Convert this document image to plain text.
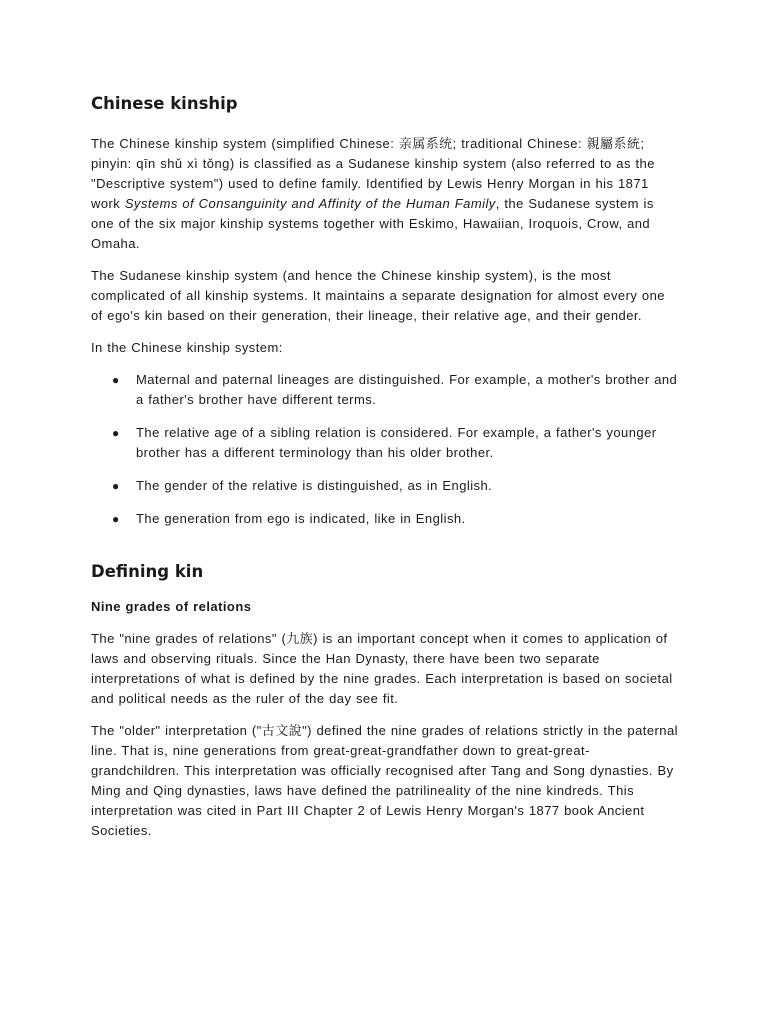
Chinese kinship

The Chinese kinship system (simplified Chinese: 亲属系统; traditional Chinese: 親屬系統; pinyin: qīn shǔ xì tǒng) is classified as a Sudanese kinship system (also referred to as the "Descriptive system") used to define family. Identified by Lewis Henry Morgan in his 1871 work Systems of Consanguinity and Affinity of the Human Family, the Sudanese system is one of the six major kinship systems together with Eskimo, Hawaiian, Iroquois, Crow, and Omaha.

The Sudanese kinship system (and hence the Chinese kinship system), is the most complicated of all kinship systems. It maintains a separate designation for almost every one of ego's kin based on their generation, their lineage, their relative age, and their gender.

In the Chinese kinship system:

● Maternal and paternal lineages are distinguished. For example, a mother's brother and a father's brother have different terms.
● The relative age of a sibling relation is considered. For example, a father's younger brother has a different terminology than his older brother.
● The gender of the relative is distinguished, as in English.
● The generation from ego is indicated, like in English.
Defining kin

Nine grades of relations

The "nine grades of relations" (九族) is an important concept when it comes to application of laws and observing rituals. Since the Han Dynasty, there have been two separate interpretations of what is defined by the nine grades. Each interpretation is based on societal and political needs as the ruler of the day see fit.

The "older" interpretation ("古文說") defined the nine grades of relations strictly in the paternal line. That is, nine generations from great-great-grandfather down to great-great-grandchildren. This interpretation was officially recognised after Tang and Song dynasties. By Ming and Qing dynasties, laws have defined the patrilineality of the nine kindreds. This interpretation was cited in Part III Chapter 2 of Lewis Henry Morgan's 1877 book Ancient Societies.
